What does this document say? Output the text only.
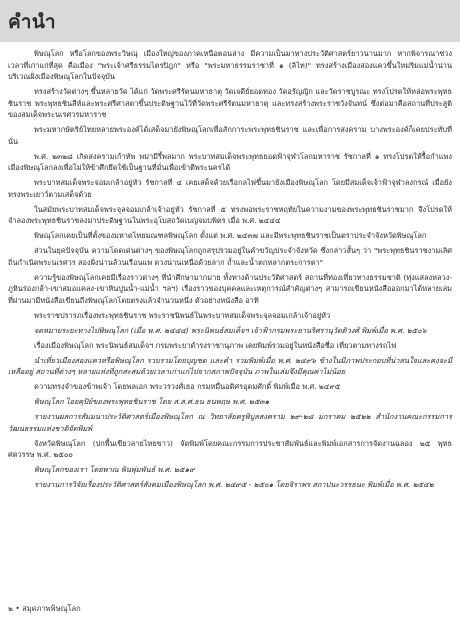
คำนำ

พิษณุโลก หรือโลกของพระวิษณุ เมืองใหญ่ของภาคเหนือตอนล่าง มีความเป็นมาทางประวัติศาสตร์ยาวนานมาก หากพิจารณาช่วงเวลาที่เก่าแก่ที่สุด คือเมือง "พระเจ้าศรีธรรมไตรปิฎก" หรือ "พระมหาธรรมราชาที่ ๑ (ลิไท)" ทรงสร้างเมืองสองแควขึ้นใหม่ริมแม่น้ำน่าน บริเวณฝั่งเมืองพิษณุโลกในปัจจุบัน

ทรงสร้างวัดต่างๆ ขึ้นหลายวัด ได้แก่ วัดพระศรีรัตนมหาธาตุ วัดเจดีย์ยอดทอง วัดอรัญญิก และวัดราชบูรณะ ทรงโปรดให้หล่อพระพุทธชินราช พระพุทธชินสีห์และพระศรีศาสดาขึ้นประดิษฐานไว้ที่วัดพระศรีรัตนมหาธาตุ และทรงสร้างพระราชวังจันทน์ ซึ่งต่อมาคือสถานที่ประสูติของสมเด็จพระนเรศวรมหาราช

พระมหากษัตริย์ไทยหลายพระองค์ได้เสด็จมายังพิษณุโลกเพื่อสักการะพระพุทธชินราช และเพื่อการสงคราม บางพระองค์ก็เคยประทับที่นั่น

พ.ศ. ๒๓๒๘ เกิดสงครามเก้าทัพ พม่ามีรี้พลมาก พระบาทสมเด็จพระพุทธยอดฟ้าจุฬาโลกมหาราช รัชกาลที่ ๑ ทรงโปรดให้รื้อกำแพงเมืองพิษณุโลกลงเพื่อไม่ให้ข้าศึกยึดใช้เป็นฐานที่มั่นเพื่อเข้าตีพระนครได้

พระบาทสมเด็จพระจอมเกล้าอยู่หัว รัชกาลที่ ๔ เคยเสด็จด้วยเรือกลไฟขึ้นมายังเมืองพิษณุโลก โดยมีสมเด็จเจ้าฟ้าจุฬาลงกรณ์ เมื่อยังทรงพระเยาว์ตามเสด็จด้วย

ในสมัยพระบาทสมเด็จพระจุลจอมเกล้าเจ้าอยู่หัว รัชกาลที่ ๕ ทรงพอพระราชหฤทัยในความงามของพระพุทธชินราชมาก จึงโปรดให้จำลองพระพุทธชินราชลงมาประดิษฐานในพระอุโบสถวัดเบญจมบพิตร เมื่อ พ.ศ. ๒๔๔๔

พิษณุโลกเคยเป็นที่ตั้งของมหาดไทยมณฑลพิษณุโลก ตั้งแต่ พ.ศ. ๒๔๓๗ และมีพระพุทธชินราชเป็นตราประจำจังหวัดพิษณุโลก

ส่วนในยุคปัจจุบัน ความโดดเด่นต่างๆ ของพิษณุโลกถูกสรุปรวมอยู่ในคำขวัญประจำจังหวัด ซึ่งกล่าวสั้นๆ ว่า "พระพุทธชินราชงามเลิศ ถิ่นกำเนิดพระนเรศวร สองฝั่งน่านล้วนเรือนแพ ดวงน่านเหนือด้วยลาก ถ้ำและน้ำตกหลากตระการตา"

ความรู้ของพิษณุโลกเคยมีเรื่องราวต่างๆ ที่นำศึกษามากมาย ทั้งทางด้านประวัติศาสตร์ สถานที่ท่องเที่ยวทางธรรมชาติ (ทุ่งแสลงหลวง-ภูหินร่องกล้า-เขาสมอแคลง-เขาหินปูนน้ำ-แม่น้ำ ฯลฯ) เรื่องราวของบุคคลและเหตุการณ์สำคัญต่างๆ สามารถเขียนหนังสือออกมาได้หลายเล่ม ที่ผ่านมามีหนังสือเขียนถึงพิษณุโลกโดยตรงแล้วจำนวนหนึ่ง ตัวอย่างหนังสือ อาทิ

พระราชปรารภเรื่องพระพุทธชินราช พระราชนิพนธ์ในพระบาทสมเด็จพระจุลจอมเกล้าเจ้าอยู่หัว

จดหมายระยะทางไปพิษณุโลก (เมื่อ พ.ศ. ๒๔๔๔) พระนิพนธ์สมเด็จฯ เจ้าฟ้ากรมพระยานริศรานุวัดติวงศ์ พิมพ์เมื่อ พ.ศ. ๒๕๐๖

เรื่องเมืองพิษณุโลก พระนิพนธ์สมเด็จฯ กรมพระยาดำรงราชานุภาพ เคยพิมพ์รวมอยู่ในหนังสือชื่อ เที่ยวตามทางรถไฟ

นำเที่ยวเมืองสองแควหรือพิษณุโลก รวบรวมโดยบุญชด และคำ รวมพิมพ์เมื่อ พ.ศ. ๒๔๙๖ ข้างในมีภาพประกอบที่น่าสนใจและคงจะมีเหลืออยู่ สถานที่ต่างๆ หลายแห่งที่ถูกสะสมด้วยเวลาเก่าแก่ไปจากสภาพปัจจุบัน ภาพในเล่มจึงมีคุณค่าไม่น้อย

ความทรงจำของข้าพเจ้า โดยพลเอก พระวรวงศ์เธอ กรมหมื่นอดิศรอุดมศักดิ์ พิมพ์เมื่อ พ.ศ. ๒๔๙๕

พิษณุโลก ไอยคุปิย์ของพระพุทธชินราช โดย ส.ส.ศ.ธน ธนพฤษ พ.ศ. ๒๕๓๑

รายงานผลการสัมมนาประวัติศาสตร์เมืองพิษณุโลก ณ วิทยาลัยครูพิบูลสงคราม ๒๙-๒๘ มกราคม ๒๕๒๒ สำนักงานคณะกรรมการวัฒนธรรมแห่งชาติจัดพิมพ์

จังหวัดพิษณุโลก (ปกพื้นเขียวลายไทยขาว) จัดพิมพ์โดยคณะกรรมการประชาสัมพันธ์และพิมพ์เอกสารการจัดงานฉลอง ๒๕ พุทธศตวรรษ พ.ศ. ๒๕๐๐

พิษณุโลกของเรา โดยพาณ พินพุ่มพันธ์ พ.ศ. ๒๕๑๙

รายงานการวิจัยเรื่องประวัติศาสตร์สังคมเมืองพิษณุโลก พ.ศ. ๒๔๙๕ - ๒๕๐๑ โดยจิราพร สถาปนะวรรธนะ พิมพ์เมื่อ พ.ศ. ๒๕๔๒

๒ • สมุดภาพพิษณุโลก
